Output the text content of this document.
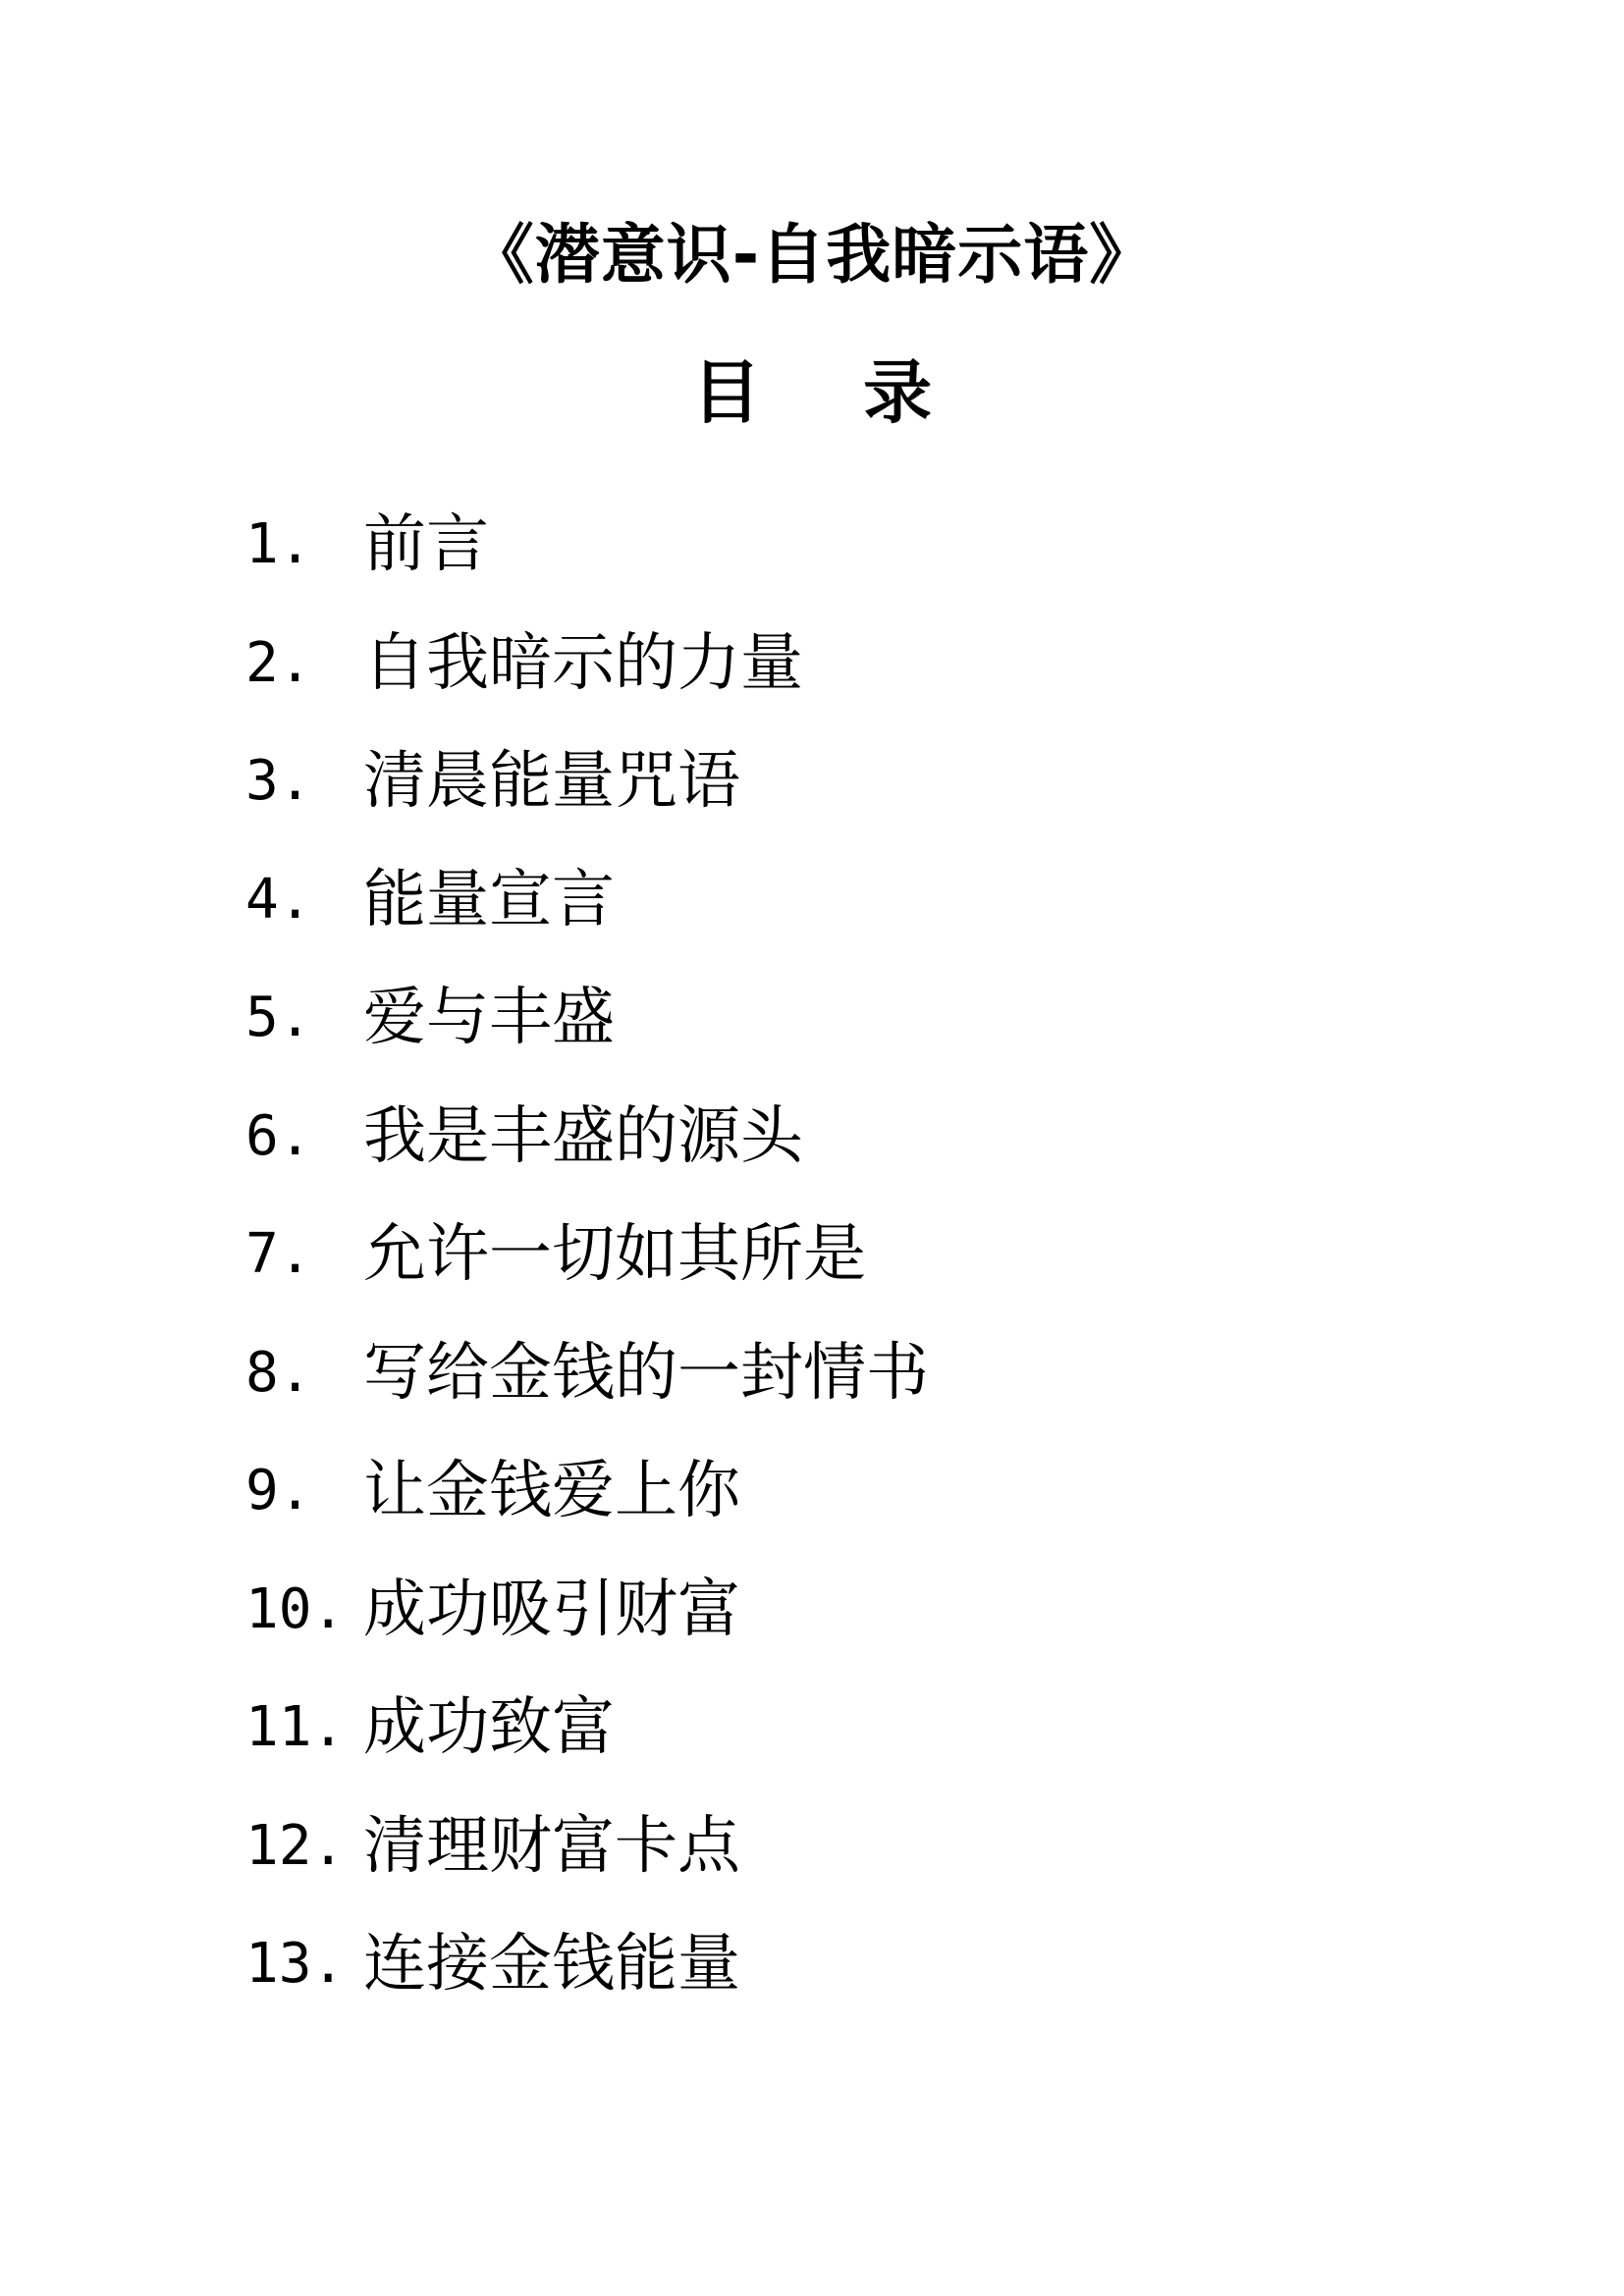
《潜意识-自我暗示语》
目 录
1. 前言
2. 自我暗示的力量
3. 清晨能量咒语
4. 能量宣言
5. 爱与丰盛
6. 我是丰盛的源头
7. 允许一切如其所是
8. 写给金钱的一封情书
9. 让金钱爱上你
10. 成功吸引财富
11. 成功致富
12. 清理财富卡点
13. 连接金钱能量
